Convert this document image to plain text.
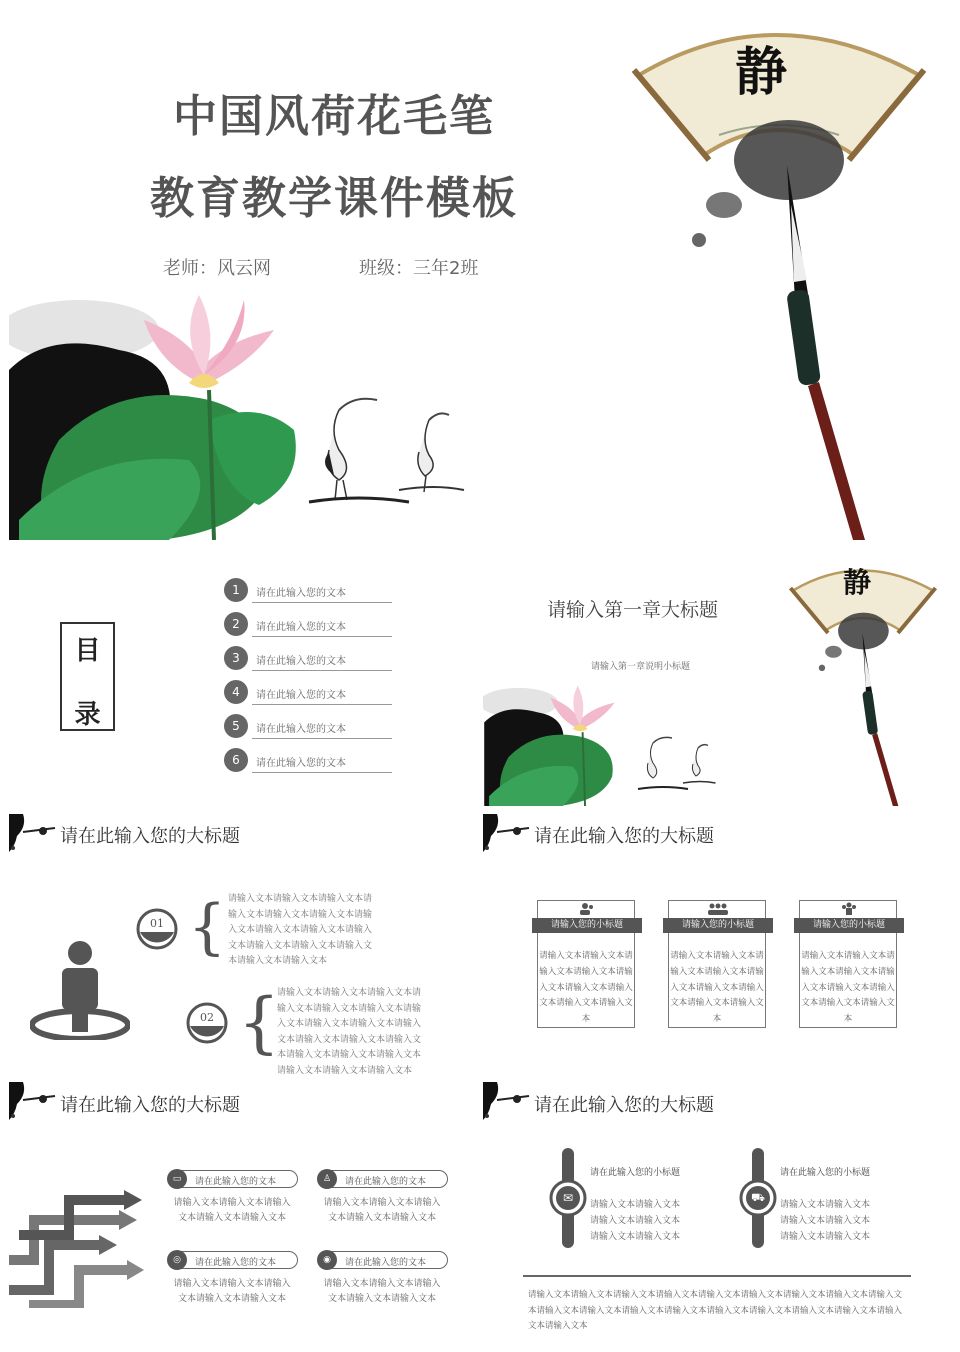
静
中国风荷花毛笔
教育教学课件模板
老师：风云网	班级：三年2班
目
录
1	请在此输入您的文本
2	请在此输入您的文本
3	请在此输入您的文本
4	请在此输入您的文本
5	请在此输入您的文本
6	请在此输入您的文本
静
请输入第一章大标题
请输入第一章说明小标题
请在此输入您的大标题
01 { 请输入文本请输入文本请输入文本请输入文本请输入文本请输入文本请输入文本请输入文本请输入文本请输入文本请输入文本请输入文本请输入文本请输入文本请输入文本
02 {
请输入文本请输入文本请输入文本请输入文本请输入文本请输入文本请输入文本请输入文本请输入文本请输入文本请输入文本请输入文本请输入文本请输入文本请输入文本请输入文本请输入文本请输入文本请输入文本
请在此输入您的大标题
请输入您的小标题
请输入文本请输入文本请输入文本请输入文本请输入文本请输入文本请输入文本请输入文本请输入文本
请输入您的小标题
请输入文本请输入文本请输入文本请输入文本请输入文本请输入文本请输入文本请输入文本请输入文本
请输入您的小标题
请输入文本请输入文本请输入文本请输入文本请输入文本请输入文本请输入文本请输入文本请输入文本
请在此输入您的大标题
▭	请在此输入您的文本
请输入文本请输入文本请输入文本请输入文本请输入文本
♙	请在此输入您的文本
请输入文本请输入文本请输入文本请输入文本请输入文本
◎	请在此输入您的文本
请输入文本请输入文本请输入文本请输入文本请输入文本
◉	请在此输入您的文本
请输入文本请输入文本请输入文本请输入文本请输入文本
请在此输入您的大标题
✉
请在此输入您的小标题
请输入文本请输入文本请输入文本请输入文本请输入文本请输入文本
⛟
请在此输入您的小标题
请输入文本请输入文本请输入文本请输入文本请输入文本请输入文本
请输入文本请输入文本请输入文本请输入文本请输入文本请输入文本请输入文本请输入文本请输入文本请输入文本请输入文本请输入文本请输入文本请输入文本请输入文本请输入文本请输入文本请输入文本请输入文本
